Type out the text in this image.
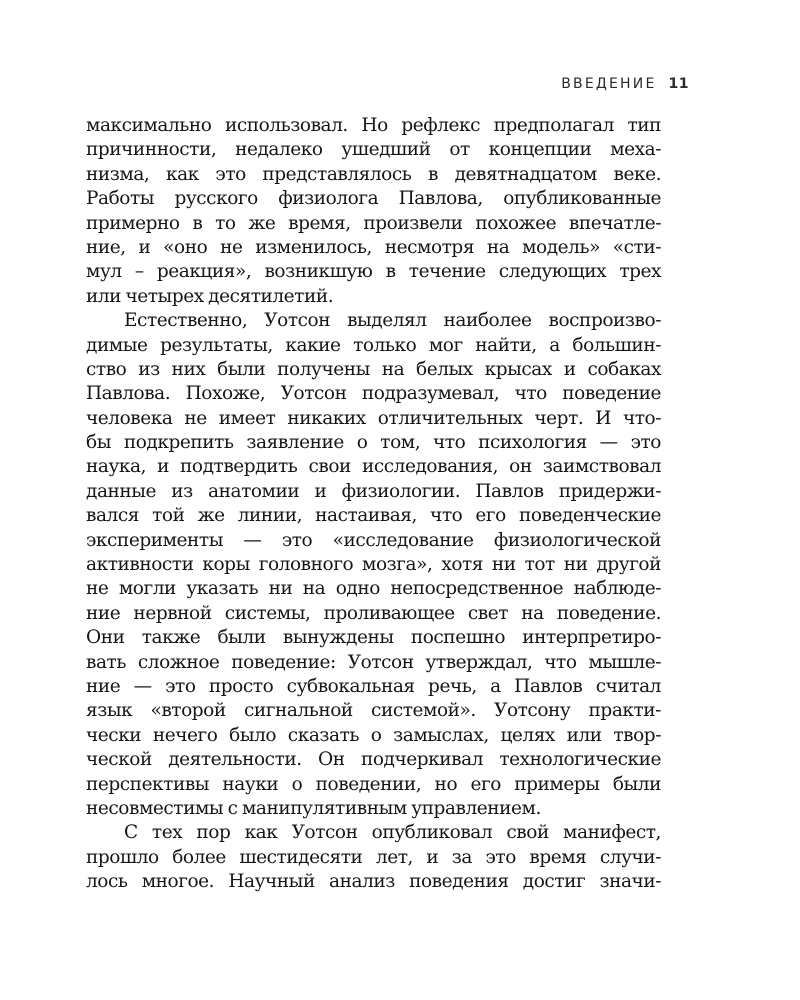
ВВЕДЕНИЕ 11
максимально использовал. Но рефлекс предполагал тип
причинности, недалеко ушедший от концепции меха-
низма, как это представлялось в девятнадцатом веке.
Работы русского физиолога Павлова, опубликованные
примерно в то же время, произвели похожее впечатле-
ние, и «оно не изменилось, несмотря на модель» «сти-
мул – реакция», возникшую в течение следующих трех
или четырех десятилетий.
Естественно, Уотсон выделял наиболее воспроизво-
димые результаты, какие только мог найти, а большин-
ство из них были получены на белых крысах и собаках
Павлова. Похоже, Уотсон подразумевал, что поведение
человека не имеет никаких отличительных черт. И что-
бы подкрепить заявление о том, что психология — это
наука, и подтвердить свои исследования, он заимствовал
данные из анатомии и физиологии. Павлов придержи-
вался той же линии, настаивая, что его поведенческие
эксперименты — это «исследование физиологической
активности коры головного мозга», хотя ни тот ни другой
не могли указать ни на одно непосредственное наблюде-
ние нервной системы, проливающее свет на поведение.
Они также были вынуждены поспешно интерпретиро-
вать сложное поведение: Уотсон утверждал, что мышле-
ние — это просто субвокальная речь, а Павлов считал
язык «второй сигнальной системой». Уотсону практи-
чески нечего было сказать о замыслах, целях или твор-
ческой деятельности. Он подчеркивал технологические
перспективы науки о поведении, но его примеры были
несовместимы с манипулятивным управлением.
С тех пор как Уотсон опубликовал свой манифест,
прошло более шестидесяти лет, и за это время случи-
лось многое. Научный анализ поведения достиг значи-
